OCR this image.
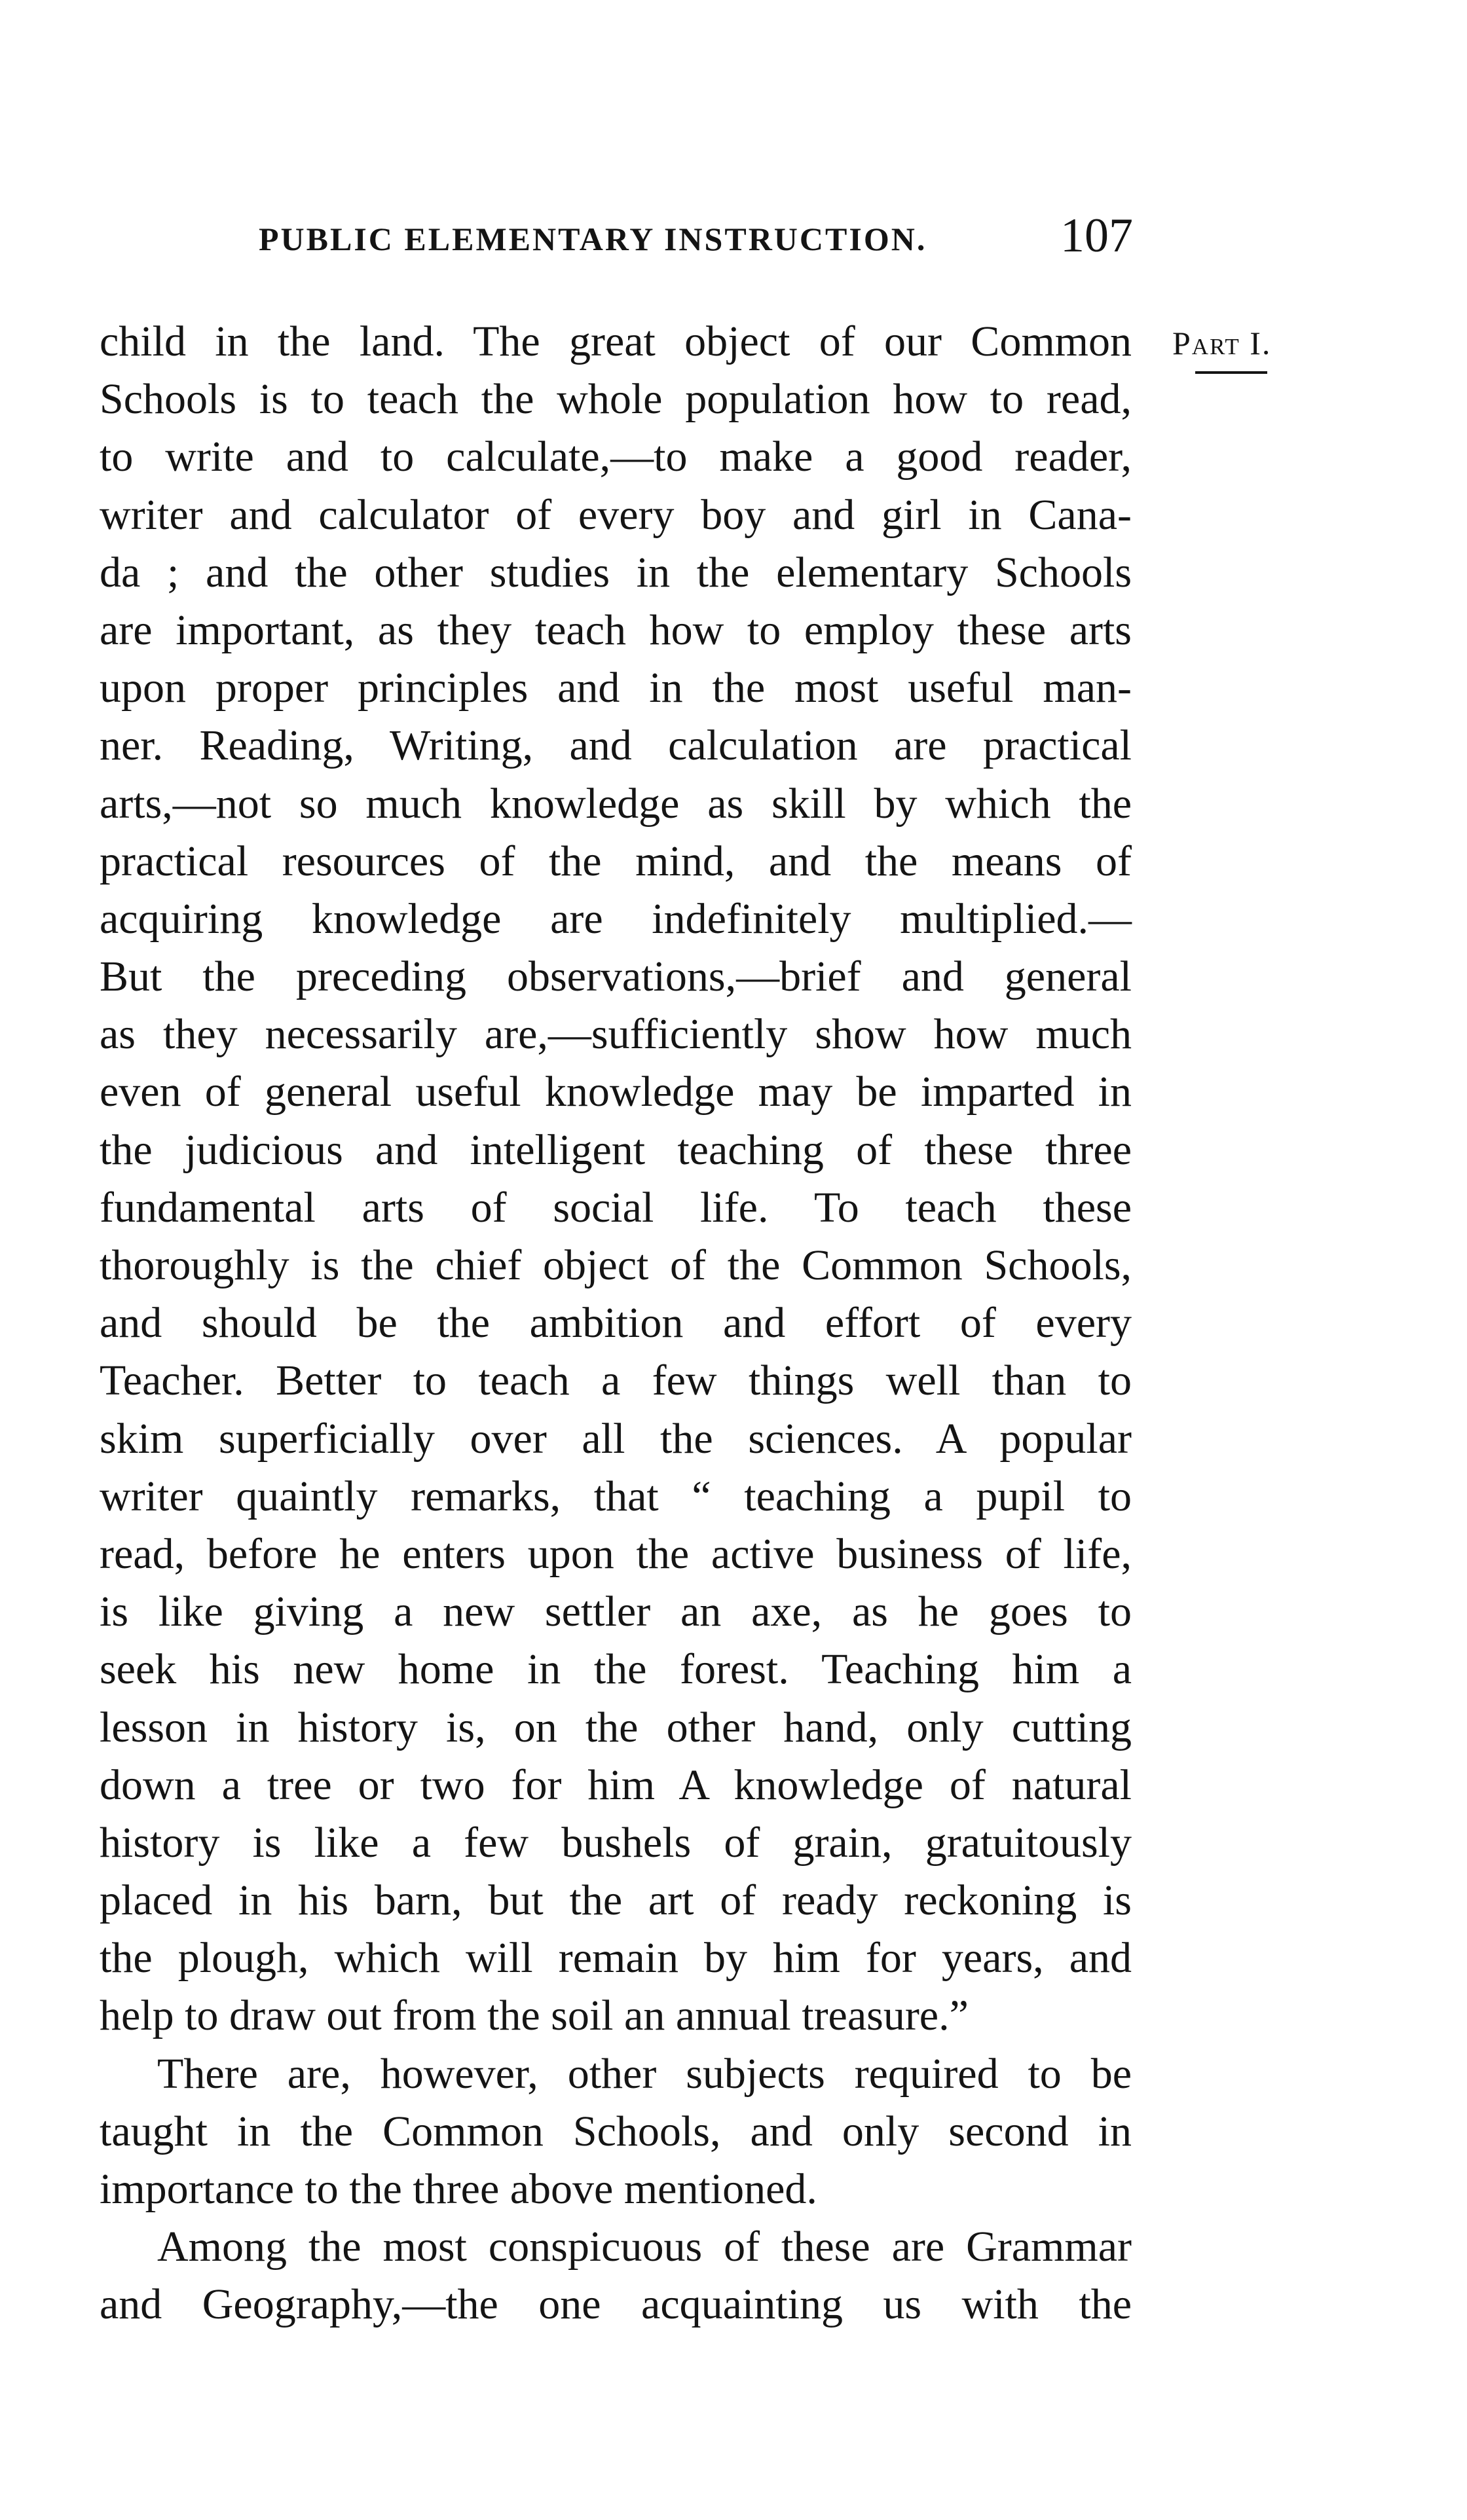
PUBLIC ELEMENTARY INSTRUCTION.	107
Part I.
child in the land. The great object of our Common
Schools is to teach the whole population how to read,
to write and to calculate,—to make a good reader,
writer and calculator of every boy and girl in Cana-
da ; and the other studies in the elementary Schools
are important, as they teach how to employ these arts
upon proper principles and in the most useful man-
ner. Reading, Writing, and calculation are practical
arts,—not so much knowledge as skill by which the
practical resources of the mind, and the means of
acquiring knowledge are indefinitely multiplied.—
But the preceding observations,—brief and general
as they necessarily are,—sufficiently show how much
even of general useful knowledge may be imparted in
the judicious and intelligent teaching of these three
fundamental arts of social life. To teach these
thoroughly is the chief object of the Common Schools,
and should be the ambition and effort of every
Teacher. Better to teach a few things well than to
skim superficially over all the sciences. A popular
writer quaintly remarks, that “ teaching a pupil to
read, before he enters upon the active business of life,
is like giving a new settler an axe, as he goes to
seek his new home in the forest. Teaching him a
lesson in history is, on the other hand, only cutting
down a tree or two for him A knowledge of natural
history is like a few bushels of grain, gratuitously
placed in his barn, but the art of ready reckoning is
the plough, which will remain by him for years, and
help to draw out from the soil an annual treasure.”
There are, however, other subjects required to be
taught in the Common Schools, and only second in
importance to the three above mentioned.
Among the most conspicuous of these are Grammar
and Geography,—the one acquainting us with the
